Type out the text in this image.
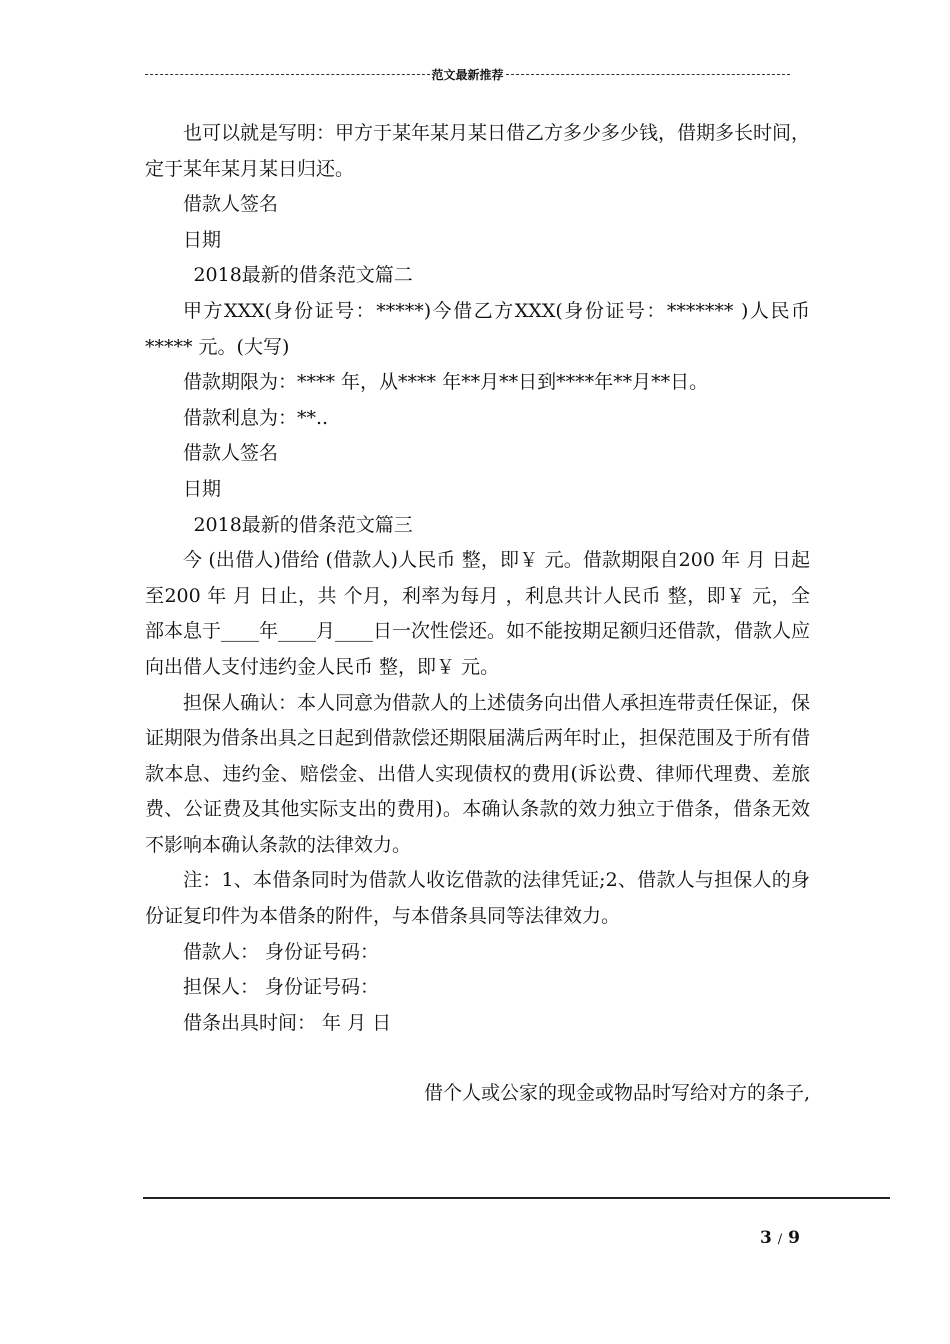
范文最新推荐

也可以就是写明：甲方于某年某月某日借乙方多少多少钱，借期多长时间，定于某年某月某日归还。

借款人签名

日期

2018最新的借条范文篇二

甲方XXX(身份证号：*****)今借乙方XXX(身份证号：******* )人民币***** 元。(大写)

借款期限为：**** 年，从**** 年**月**日到****年**月**日。

借款利息为：**..

借款人签名

日期

2018最新的借条范文篇三

今 (出借人)借给 (借款人)人民币 整，即￥ 元。借款期限自200 年 月 日起至200 年 月 日止，共 个月，利率为每月 ，利息共计人民币 整，即￥ 元，全部本息于____年____月____日一次性偿还。如不能按期足额归还借款，借款人应向出借人支付违约金人民币 整，即￥ 元。

担保人确认：本人同意为借款人的上述债务向出借人承担连带责任保证，保证期限为借条出具之日起到借款偿还期限届满后两年时止，担保范围及于所有借款本息、违约金、赔偿金、出借人实现债权的费用(诉讼费、律师代理费、差旅费、公证费及其他实际支出的费用)。本确认条款的效力独立于借条，借条无效不影响本确认条款的法律效力。

注：1、本借条同时为借款人收讫借款的法律凭证;2、借款人与担保人的身份证复印件为本借条的附件，与本借条具同等法律效力。

借款人： 身份证号码：

担保人： 身份证号码：

借条出具时间： 年 月 日

借个人或公家的现金或物品时写给对方的条子,

3 / 9
